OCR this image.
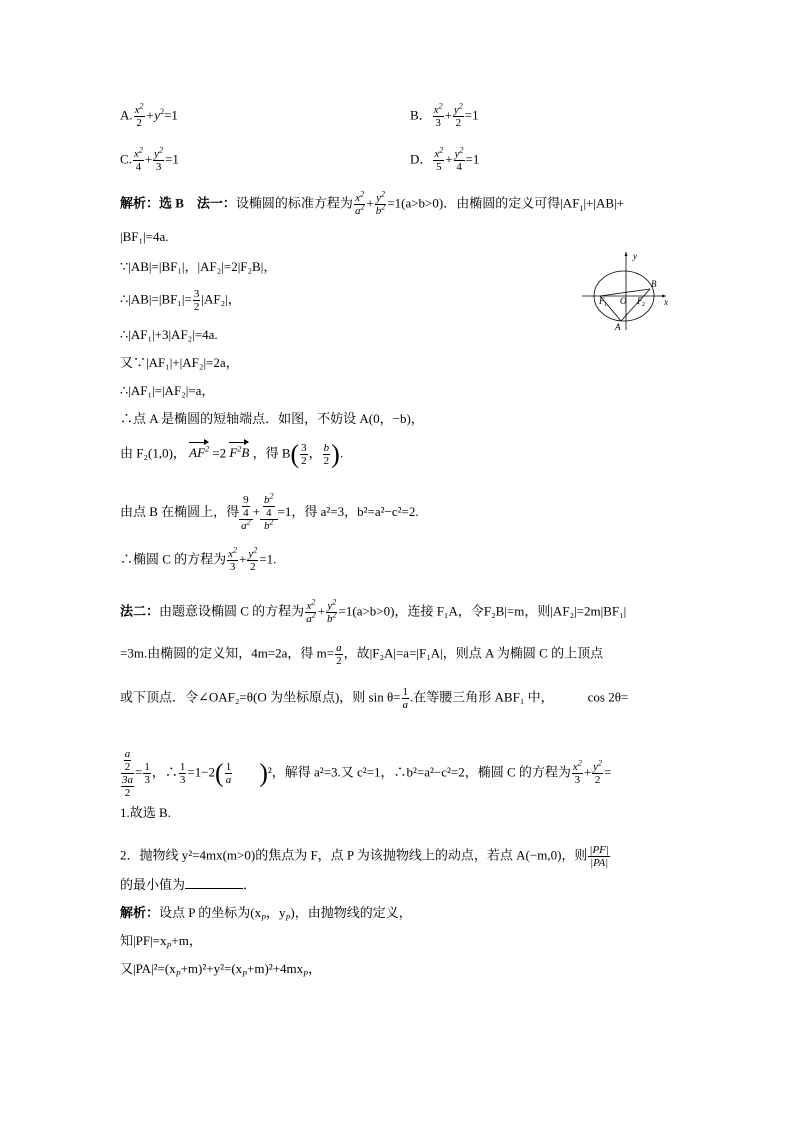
A. $\frac{x^2}{2} +y^2=1$	B． $\frac{x^2}{3} + \frac{y^2}{2} =1$
C. $\frac{x^2}{4} + \frac{y^2}{3} =1$	D． $\frac{x^2}{5} + \frac{y^2}{4} =1$
解析：选 B　法一：设椭圆的标准方程为 $\frac{x^2}{a^2} + \frac{y^2}{b^2} =1(a>b>0)$．由椭圆的定义可得$|AF_1|+|AB|+$
|BF₁|=4a.
∵|AB|=|BF₁|，|AF₂|=2|F₂B|，
∴|AB|=|BF₁|= $\frac{3}{2} |AF_2|$，
∴|AF₁|+3|AF₂|=4a.
又∵|AF₁|+|AF₂|=2a，
∴|AF₁|=|AF₂|=a，
∴点 A 是椭圆的短轴端点．如图，不妨设 A(0，−b)，
由 F₂(1,0)， $AF^2 =2$ $F^2B$ ，得 $B( \frac{3}{2}$ ， $\frac{b}{2}$ ).
由点 B 在椭圆上，得 $\frac{\frac{9}{4}}{a^2} + \frac{\frac{b^2}{4}}{b^2} =1$，得 a²=3，b²=a²−c²=2.
∴椭圆 C 的方程为 $\frac{x^2}{3} + \frac{y^2}{2} =1$.
y
x
O
A
B
F 1	F 2
法二：由题意设椭圆 C 的方程为 $\frac{x^2}{a^2} + \frac{y^2}{b^2} =1(a>b>0)$，连接 F₁A，令F₂B|=m，则|AF₂|=2m|BF₁|
=3m.由椭圆的定义知，4m=2a，得 $m= \frac{a}{2}$ ，故|F₂A|=a=|F₁A|，则点 A 为椭圆 C 的上顶点
或下顶点．令∠OAF₂=θ(O 为坐标原点)，则 $\sin \theta= \frac{1}{a}$ .在等腰三角形 ABF₁ 中，	cos 2θ=
$\frac{\frac{a}{2}}{\frac{3a}{2}} = \frac{1}{3}$ ，∴ $\frac{1}{3} =1-2( \frac{1}{a} )^2$，解得 a²=3.又 c²=1，∴b²=a²−c²=2，椭圆 C 的方程为 $\frac{x^2}{3} + \frac{y^2}{2}$ =
1.故选 B.
2．抛物线 y²=4mx(m>0)的焦点为 F，点 P 为该抛物线上的动点，若点 A(−m,0)，则 $\frac{|PF|}{|PA|}$
的最小值为	．
解析：设点 P 的坐标为($x_P$，$y_P$)，由抛物线的定义，
知$|PF|=x_P+m$，
又$|PA|^2=(x_P+m)^2+y^2=(x_P+m)^2+4mx_P$，
